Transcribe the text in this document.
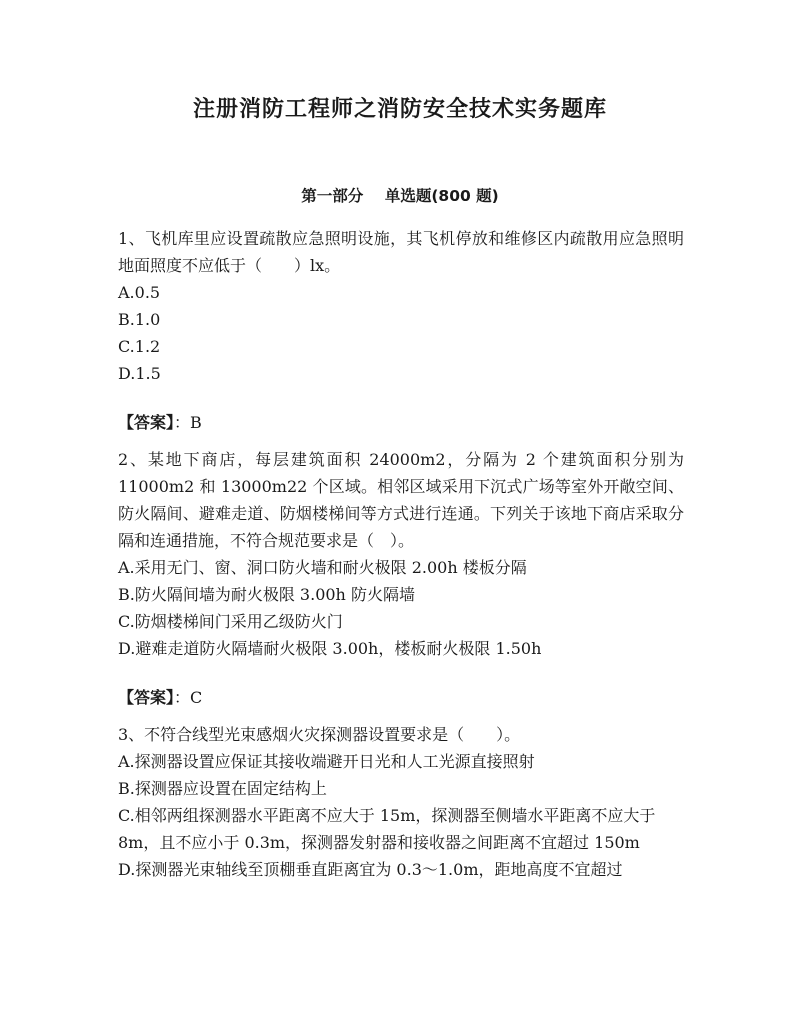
注册消防工程师之消防安全技术实务题库
第一部分    单选题(800 题)

1、飞机库里应设置疏散应急照明设施，其飞机停放和维修区内疏散用应急照明地面照度不应低于（　　）lx。

A.0.5

B.1.0

C.1.2

D.1.5

【答案】：B

2、某地下商店，每层建筑面积 24000m2，分隔为 2 个建筑面积分别为 11000m2 和 13000m22 个区域。相邻区域采用下沉式广场等室外开敞空间、防火隔间、避难走道、防烟楼梯间等方式进行连通。下列关于该地下商店采取分隔和连通措施，不符合规范要求是（　）。

A.采用无门、窗、洞口防火墙和耐火极限 2.00h 楼板分隔

B.防火隔间墙为耐火极限 3.00h 防火隔墙

C.防烟楼梯间门采用乙级防火门

D.避难走道防火隔墙耐火极限 3.00h，楼板耐火极限 1.50h

【答案】：C

3、不符合线型光束感烟火灾探测器设置要求是（　　）。

A.探测器设置应保证其接收端避开日光和人工光源直接照射

B.探测器应设置在固定结构上

C.相邻两组探测器水平距离不应大于 15m，探测器至侧墙水平距离不应大于 8m，且不应小于 0.3m，探测器发射器和接收器之间距离不宜超过 150m

D.探测器光束轴线至顶棚垂直距离宜为 0.3～1.0m，距地高度不宜超过
